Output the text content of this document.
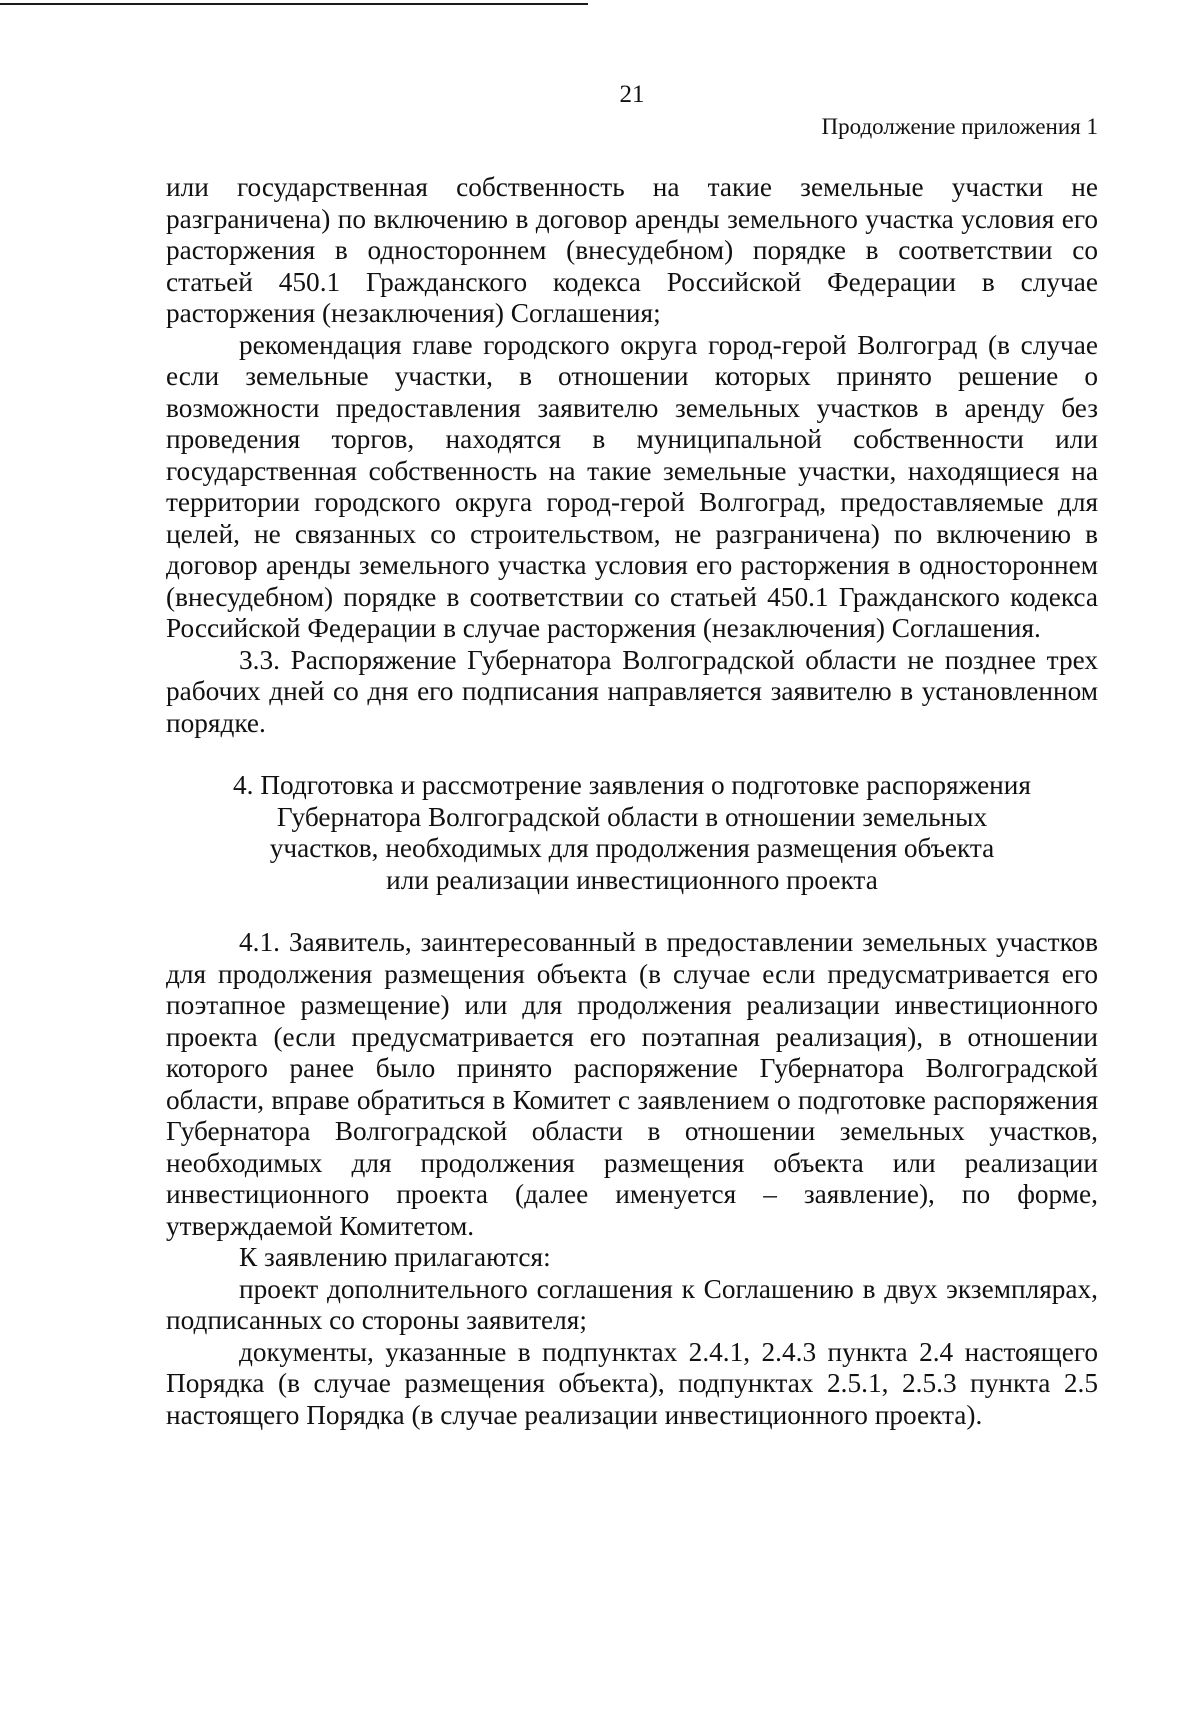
21
Продолжение приложения 1

или государственная собственность на такие земельные участки не разграничена) по включению в договор аренды земельного участка условия его расторжения в одностороннем (внесудебном) порядке в соответствии со статьей 450.1 Гражданского кодекса Российской Федерации в случае расторжения (незаключения) Соглашения;

рекомендация главе городского округа город-герой Волгоград (в случае если земельные участки, в отношении которых принято решение о возможности предоставления заявителю земельных участков в аренду без проведения торгов, находятся в муниципальной собственности или государственная собственность на такие земельные участки, находящиеся на территории городского округа город-герой Волгоград, предоставляемые для целей, не связанных со строительством, не разграничена) по включению в договор аренды земельного участка условия его расторжения в одностороннем (внесудебном) порядке в соответствии со статьей 450.1 Гражданского кодекса Российской Федерации в случае расторжения (незаключения) Соглашения.

3.3. Распоряжение Губернатора Волгоградской области не позднее трех рабочих дней со дня его подписания направляется заявителю в установленном порядке.

4. Подготовка и рассмотрение заявления о подготовке распоряжения
Губернатора Волгоградской области в отношении земельных
участков, необходимых для продолжения размещения объекта
или реализации инвестиционного проекта

4.1. Заявитель, заинтересованный в предоставлении земельных участков для продолжения размещения объекта (в случае если предусматривается его поэтапное размещение) или для продолжения реализации инвестиционного проекта (если предусматривается его поэтапная реализация), в отношении которого ранее было принято распоряжение Губернатора Волгоградской области, вправе обратиться в Комитет с заявлением о подготовке распоряжения Губернатора Волгоградской области в отношении земельных участков, необходимых для продолжения размещения объекта или реализации инвестиционного проекта (далее именуется – заявление), по форме, утверждаемой Комитетом.

К заявлению прилагаются:

проект дополнительного соглашения к Соглашению в двух экземплярах, подписанных со стороны заявителя;

документы, указанные в подпунктах 2.4.1, 2.4.3 пункта 2.4 настоящего Порядка (в случае размещения объекта), подпунктах 2.5.1, 2.5.3 пункта 2.5 настоящего Порядка (в случае реализации инвестиционного проекта).
